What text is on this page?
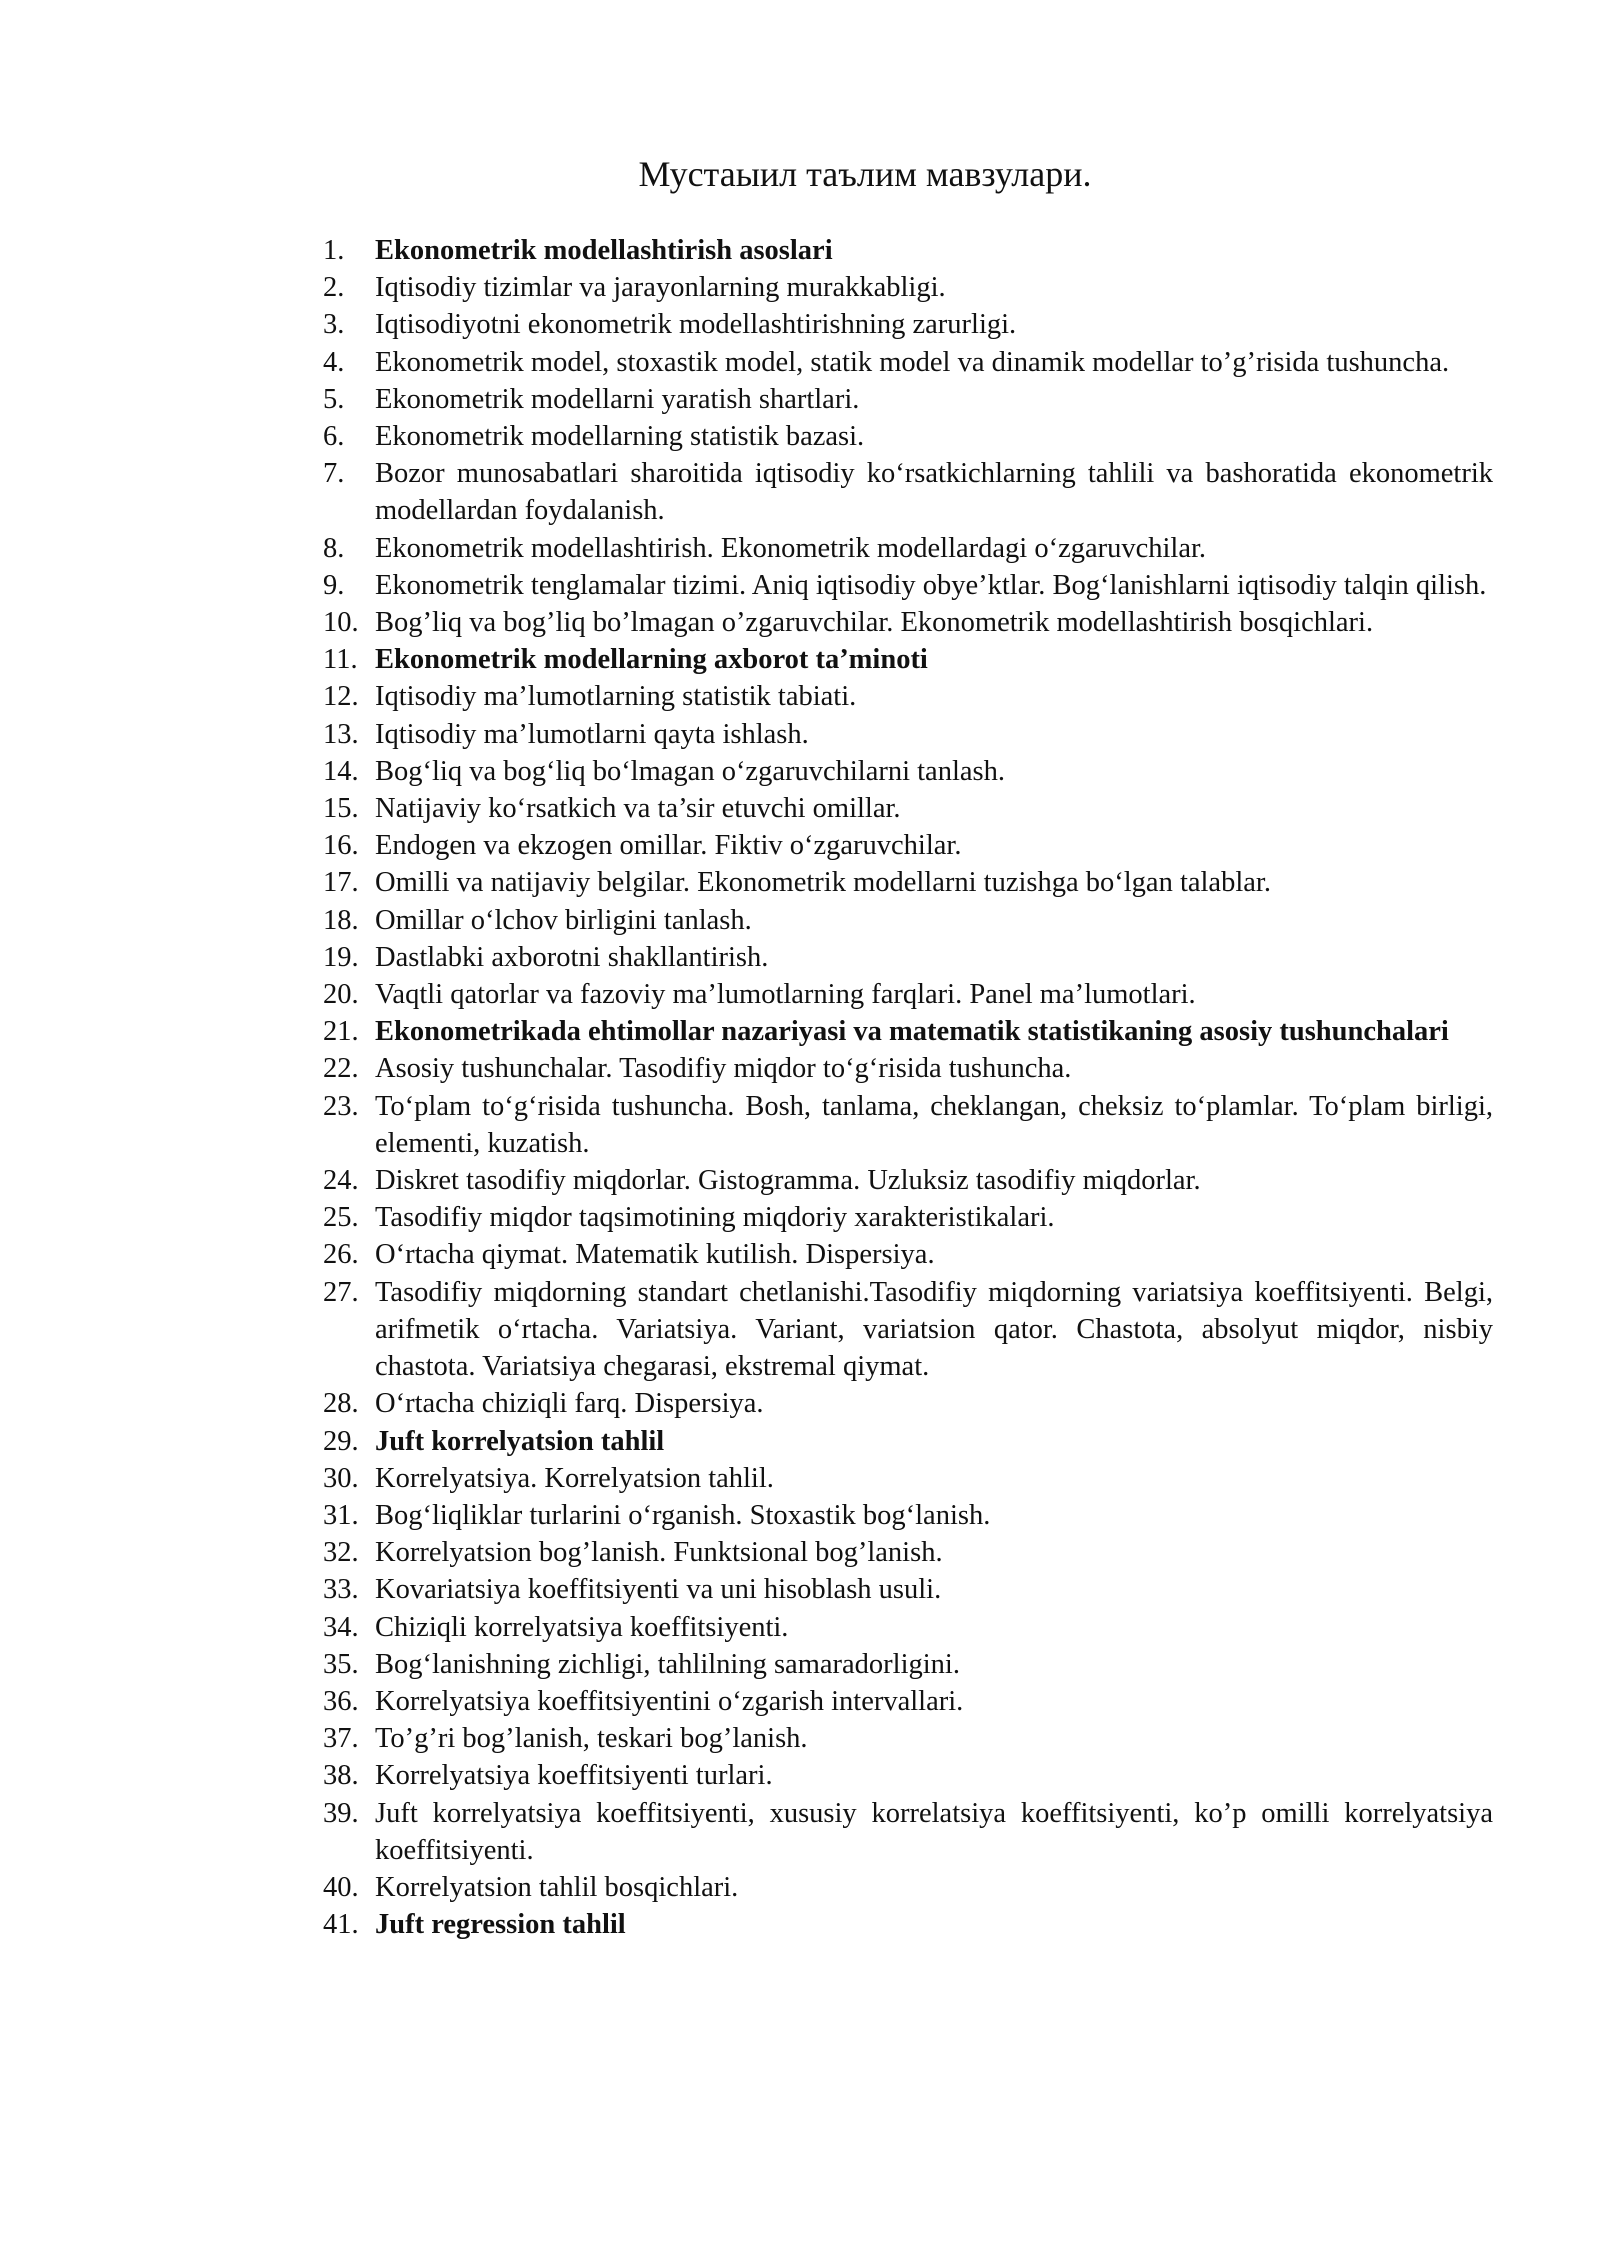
Мустаыил таълим мавзулари.
1. Ekonometrik modellashtirish asoslari
2. Iqtisodiy tizimlar va jarayonlarning murakkabligi.
3. Iqtisodiyotni ekonometrik modellashtirishning zarurligi.
4. Ekonometrik model, stoxastik model, statik model va dinamik modellar to’g’risida tushuncha.
5. Ekonometrik modellarni yaratish shartlari.
6. Ekonometrik modellarning statistik bazasi.
7. Bozor munosabatlari sharoitida iqtisodiy ko‘rsatkichlarning tahlili va bashoratida ekonometrik modellardan foydalanish.
8. Ekonometrik modellashtirish. Ekonometrik modellardagi o‘zgaruvchilar.
9. Ekonometrik tenglamalar tizimi. Aniq iqtisodiy obye’ktlar. Bog‘lanishlarni iqtisodiy talqin qilish.
10. Bog’liq va bog’liq bo’lmagan o’zgaruvchilar. Ekonometrik modellashtirish bosqichlari.
11. Ekonometrik modellarning axborot ta’minoti
12. Iqtisodiy ma’lumotlarning statistik tabiati.
13. Iqtisodiy ma’lumotlarni qayta ishlash.
14. Bog‘liq va bog‘liq bo‘lmagan o‘zgaruvchilarni tanlash.
15. Natijaviy ko‘rsatkich va ta’sir etuvchi omillar.
16. Endogen va ekzogen omillar. Fiktiv o‘zgaruvchilar.
17. Omilli va natijaviy belgilar. Ekonometrik modellarni tuzishga bo‘lgan talablar.
18. Omillar o‘lchov birligini tanlash.
19. Dastlabki axborotni shakllantirish.
20. Vaqtli qatorlar va fazoviy ma’lumotlarning farqlari. Panel ma’lumotlari.
21. Ekonometrikada ehtimollar nazariyasi va matematik statistikaning asosiy tushunchalari
22. Asosiy tushunchalar. Tasodifiy miqdor to‘g‘risida tushuncha.
23. To‘plam to‘g‘risida tushuncha. Bosh, tanlama, cheklangan, cheksiz to‘plamlar. To‘plam birligi, elementi, kuzatish.
24. Diskret tasodifiy miqdorlar. Gistogramma. Uzluksiz tasodifiy miqdorlar.
25. Tasodifiy miqdor taqsimotining miqdoriy xarakteristikalari.
26. O‘rtacha qiymat. Matematik kutilish. Dispersiya.
27. Tasodifiy miqdorning standart chetlanishi.Tasodifiy miqdorning variatsiya koeffitsiyenti. Belgi, arifmetik o‘rtacha. Variatsiya. Variant, variatsion qator. Chastota, absolyut miqdor, nisbiy chastota. Variatsiya chegarasi, ekstremal qiymat.
28. O‘rtacha chiziqli farq. Dispersiya.
29. Juft korrelyatsion tahlil
30. Korrelyatsiya. Korrelyatsion tahlil.
31. Bog‘liqliklar turlarini o‘rganish. Stoxastik bog‘lanish.
32. Korrelyatsion bog’lanish. Funktsional bog’lanish.
33. Kovariatsiya koeffitsiyenti va uni hisoblash usuli.
34. Chiziqli korrelyatsiya koeffitsiyenti.
35. Bog‘lanishning zichligi, tahlilning samaradorligini.
36. Korrelyatsiya koeffitsiyentini o‘zgarish intervallari.
37. To’g’ri bog’lanish, teskari bog’lanish.
38. Korrelyatsiya koeffitsiyenti turlari.
39. Juft korrelyatsiya koeffitsiyenti, xususiy korrelatsiya koeffitsiyenti, ko’p omilli korrelyatsiya koeffitsiyenti.
40. Korrelyatsion tahlil bosqichlari.
41. Juft regression tahlil
